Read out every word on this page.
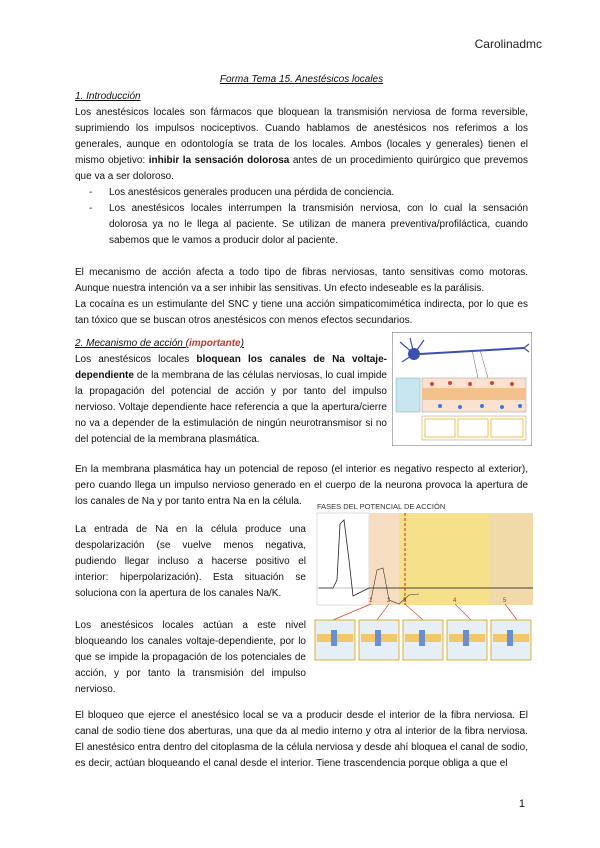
Carolinadmc
Forma Tema 15. Anestésicos locales
1. Introducción

Los anestésicos locales son fármacos que bloquean la transmisión nerviosa de forma reversible, suprimiendo los impulsos nociceptivos. Cuando hablamos de anestésicos nos referimos a los generales, aunque en odontología se trata de los locales. Ambos (locales y generales) tienen el mismo objetivo: inhibir la sensación dolorosa antes de un procedimiento quirúrgico que prevemos que va a ser doloroso.

- Los anestésicos generales producen una pérdida de conciencia.
- Los anestésicos locales interrumpen la transmisión nerviosa, con lo cual la sensación dolorosa ya no le llega al paciente. Se utilizan de manera preventiva/profiláctica, cuando sabemos que le vamos a producir dolor al paciente.

El mecanismo de acción afecta a todo tipo de fibras nerviosas, tanto sensitivas como motoras. Aunque nuestra intención va a ser inhibir las sensitivas. Un efecto indeseable es la parálisis.

La cocaína es un estimulante del SNC y tiene una acción simpaticomimética indirecta, por lo que es tan tóxico que se buscan otros anestésicos con menos efectos secundarios.

2. Mecanismo de acción (importante)

Los anestésicos locales bloquean los canales de Na voltaje-dependiente de la membrana de las células nerviosas, lo cual impide la propagación del potencial de acción y por tanto del impulso nervioso. Voltaje dependiente hace referencia a que la apertura/cierre no va a depender de la estimulación de ningún neurotransmisor si no del potencial de la membrana plasmática.

En la membrana plasmática hay un potencial de reposo (el interior es negativo respecto al exterior), pero cuando llega un impulso nervioso generado en el cuerpo de la neurona provoca la apertura de los canales de Na y por tanto entra Na en la célula.

La entrada de Na en la célula produce una despolarización (se vuelve menos negativa, pudiendo llegar incluso a hacerse positivo el interior: hiperpolarización). Esta situación se soluciona con la apertura de los canales Na/K.

Los anestésicos locales actúan a este nivel bloqueando los canales voltaje-dependiente, por lo que se impide la propagación de los potenciales de acción, y por tanto la transmisión del impulso nervioso.

FASES DEL POTENCIAL DE ACCIÓN
1 2 3	4	5

El bloqueo que ejerce el anestésico local se va a producir desde el interior de la fibra nerviosa. El canal de sodio tiene dos aberturas, una que da al medio interno y otra al interior de la fibra nerviosa. El anestésico entra dentro del citoplasma de la célula nerviosa y desde ahí bloquea el canal de sodio, es decir, actúan bloqueando el canal desde el interior. Tiene trascendencia porque obliga a que el

1
